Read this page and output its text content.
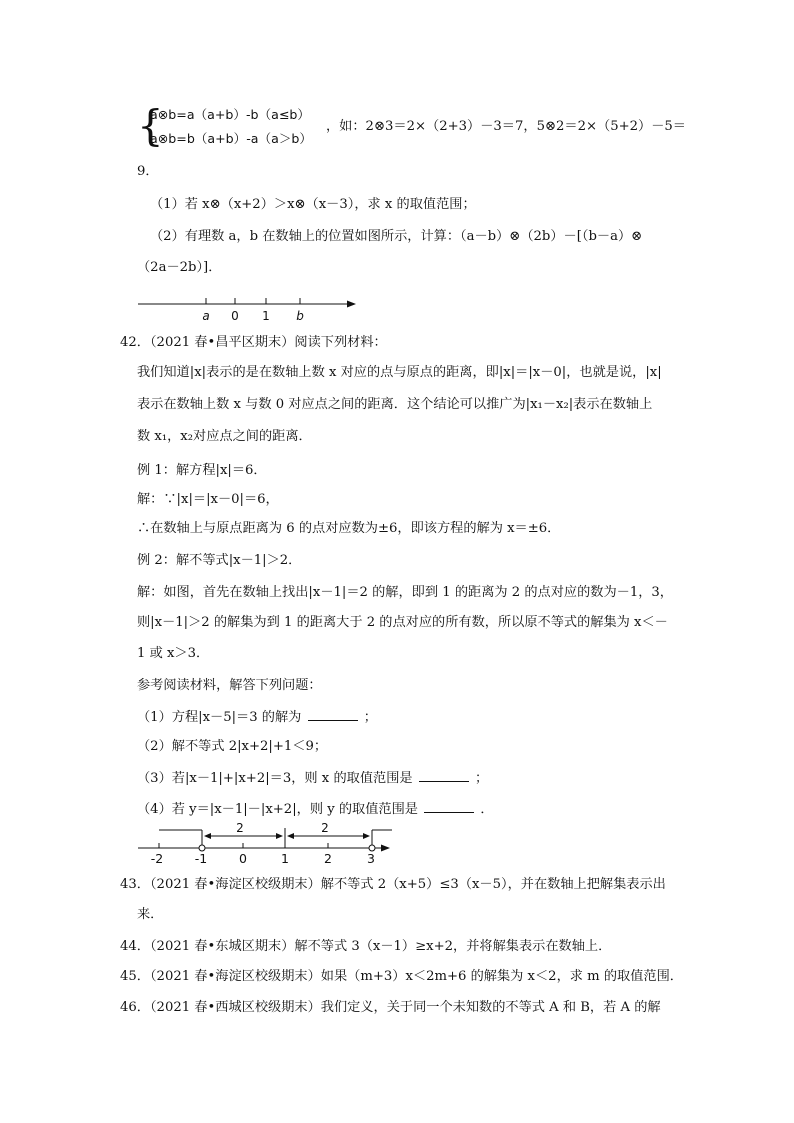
{
a⊗b=a（a+b）-b（a≤b）
a⊗b=b（a+b）-a（a＞b）
，如：2⊗3＝2×（2+3）－3＝7，5⊗2＝2×（5+2）－5＝
9．
（1）若 x⊗（x+2）＞x⊗（x－3），求 x 的取值范围；
（2）有理数 a，b 在数轴上的位置如图所示，计算：（a－b）⊗（2b）－[（b－a）⊗
（2a－2b）]．
a 0 1 b
42．（2021 春•昌平区期末）阅读下列材料：
我们知道|x|表示的是在数轴上数 x 对应的点与原点的距离，即|x|＝|x－0|，也就是说，|x|
表示在数轴上数 x 与数 0 对应点之间的距离．这个结论可以推广为|x₁－x₂|表示在数轴上
数 x₁，x₂对应点之间的距离．
例 1：解方程|x|＝6．
解：∵|x|＝|x－0|＝6，
∴在数轴上与原点距离为 6 的点对应数为±6，即该方程的解为 x＝±6．
例 2：解不等式|x－1|＞2．
解：如图，首先在数轴上找出|x－1|＝2 的解，即到 1 的距离为 2 的点对应的数为－1，3，
则|x－1|＞2 的解集为到 1 的距离大于 2 的点对应的所有数，所以原不等式的解集为 x＜－
1 或 x＞3．
参考阅读材料，解答下列问题：
（1）方程|x－5|＝3 的解为	；
（2）解不等式 2|x+2|+1＜9；
（3）若|x－1|+|x+2|＝3，则 x 的取值范围是	；
（4）若 y＝|x－1|－|x+2|，则 y 的取值范围是	．
2	2
-2	-1	0	1	2	3
43．（2021 春•海淀区校级期末）解不等式 2（x+5）≤3（x－5），并在数轴上把解集表示出
来．
44．（2021 春•东城区期末）解不等式 3（x－1）≥x+2，并将解集表示在数轴上．
45．（2021 春•海淀区校级期末）如果（m+3）x＜2m+6 的解集为 x＜2，求 m 的取值范围．
46．（2021 春•西城区校级期末）我们定义，关于同一个未知数的不等式 A 和 B，若 A 的解
